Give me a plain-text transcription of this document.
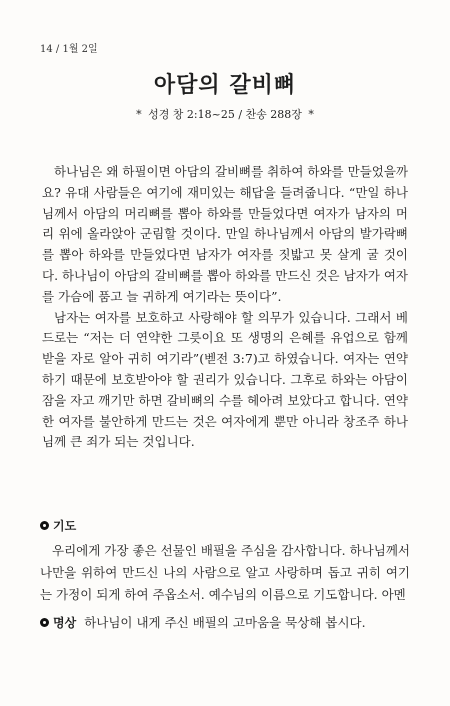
14 / 1월 2일
아담의 갈비뼈
* 성경 창 2:18~25 / 찬송 288장 *

하나님은 왜 하필이면 아담의 갈비뼈를 취하여 하와를 만들었을까요? 유대 사람들은 여기에 재미있는 해답을 들려줍니다. “만일 하나님께서 아담의 머리뼈를 뽑아 하와를 만들었다면 여자가 남자의 머리 위에 올라앉아 군림할 것이다. 만일 하나님께서 아담의 발가락뼈를 뽑아 하와를 만들었다면 남자가 여자를 짓밟고 못 살게 굴 것이다. 하나님이 아담의 갈비뼈를 뽑아 하와를 만드신 것은 남자가 여자를 가슴에 품고 늘 귀하게 여기라는 뜻이다”.

남자는 여자를 보호하고 사랑해야 할 의무가 있습니다. 그래서 베드로는 “저는 더 연약한 그릇이요 또 생명의 은혜를 유업으로 함께 받을 자로 알아 귀히 여기라”(벧전 3:7)고 하였습니다. 여자는 연약하기 때문에 보호받아야 할 권리가 있습니다. 그후로 하와는 아담이 잠을 자고 깨기만 하면 갈비뼈의 수를 헤아려 보았다고 합니다. 연약한 여자를 불안하게 만드는 것은 여자에게 뿐만 아니라 창조주 하나님께 큰 죄가 되는 것입니다.

기도

우리에게 가장 좋은 선물인 배필을 주심을 감사합니다. 하나님께서 나만을 위하여 만드신 나의 사람으로 알고 사랑하며 돕고 귀히 여기는 가정이 되게 하여 주옵소서. 예수님의 이름으로 기도합니다. 아멘

명상 하나님이 내게 주신 배필의 고마움을 묵상해 봅시다.
